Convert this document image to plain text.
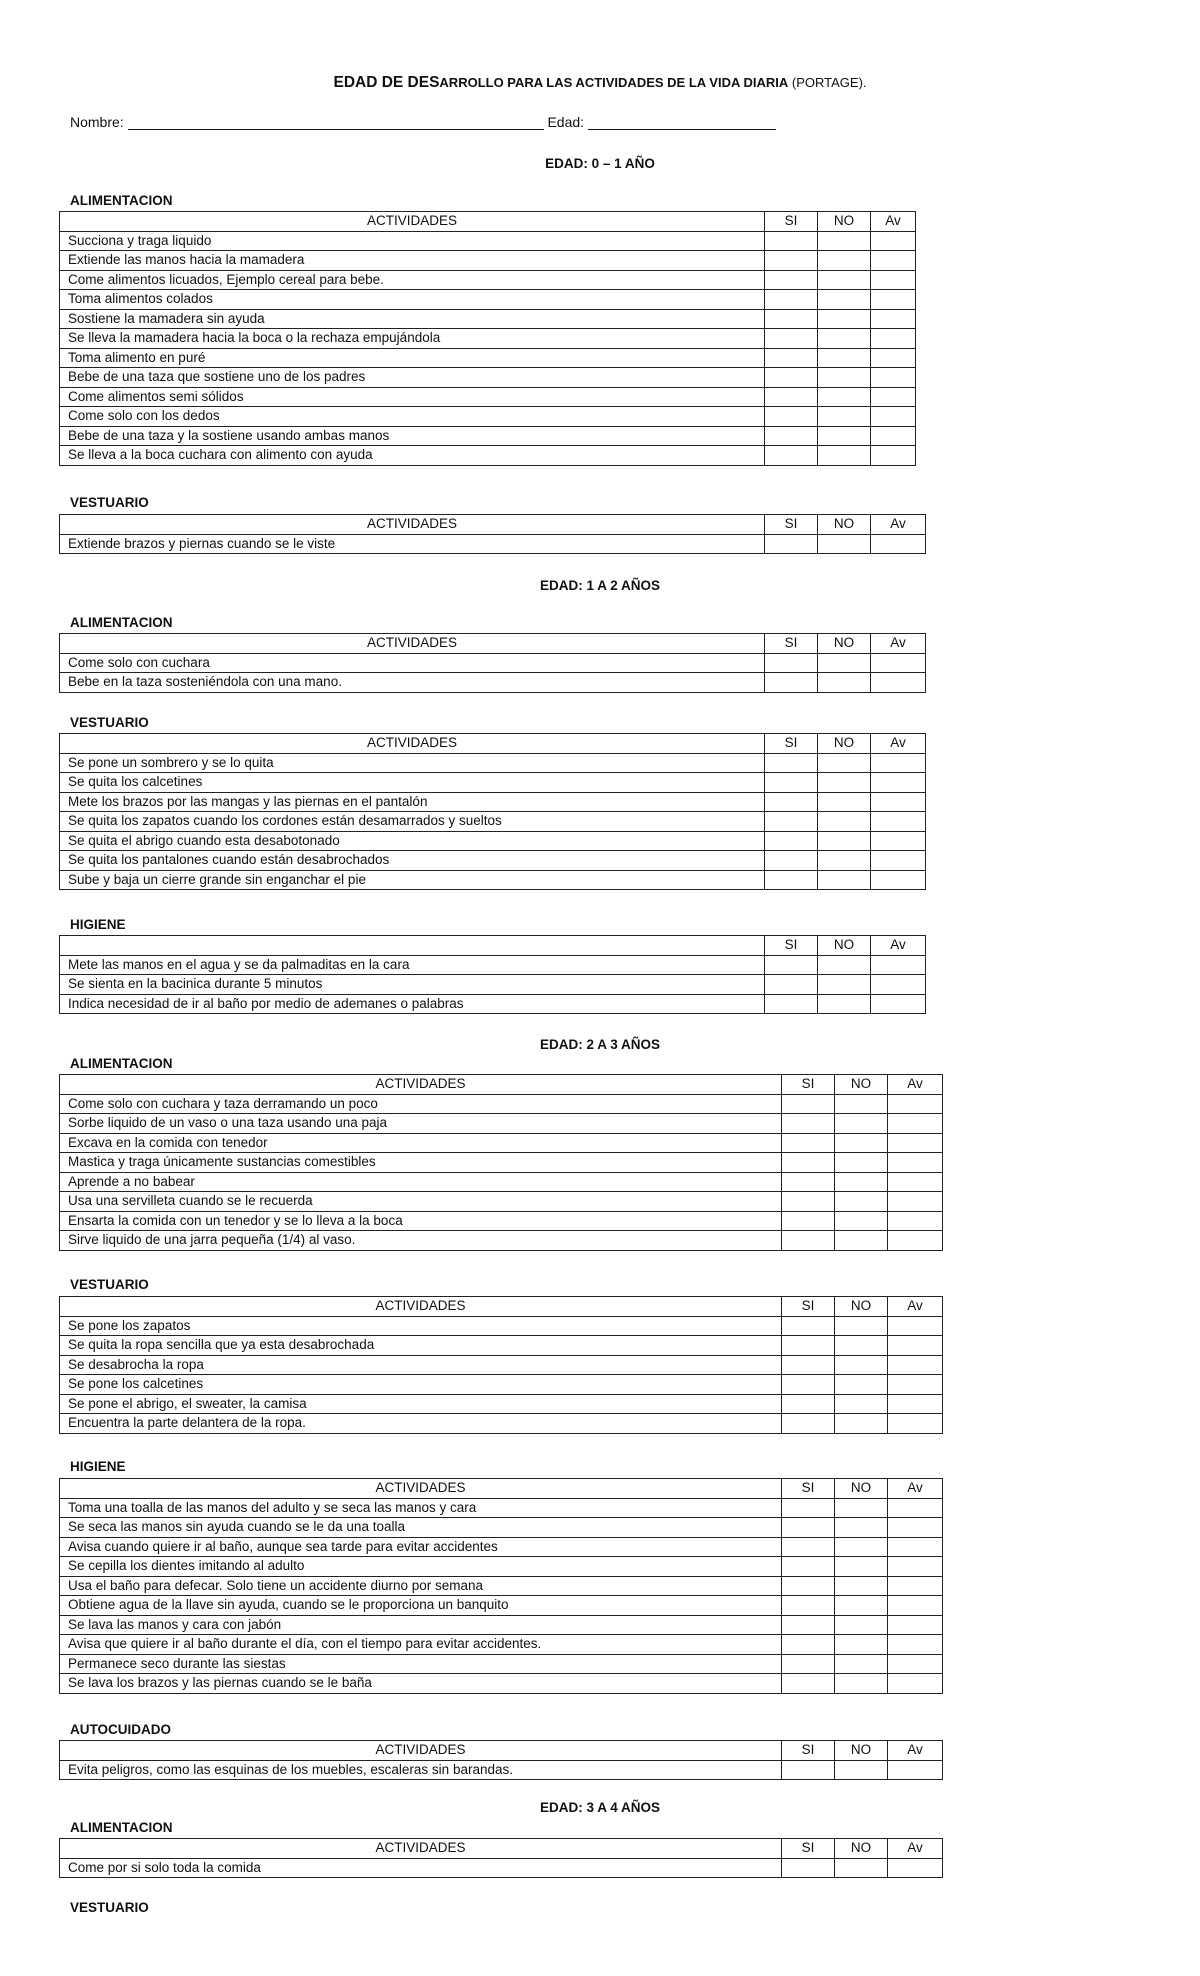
EDAD DE DESARROLLO PARA LAS ACTIVIDADES DE LA VIDA DIARIA (PORTAGE).
Nombre:	Edad:
EDAD: 0 – 1 AÑO
ALIMENTACION
ACTIVIDADES	SI	NO	Av
Succiona y traga liquido			
Extiende las manos hacia la mamadera			
Come alimentos licuados, Ejemplo cereal para bebe.			
Toma alimentos colados			
Sostiene la mamadera sin ayuda			
Se lleva la mamadera hacia la boca o la rechaza empujándola			
Toma alimento en puré			
Bebe de una taza que sostiene uno de los padres			
Come alimentos semi sólidos			
Come solo con los dedos			
Bebe de una taza y la sostiene usando ambas manos			
Se lleva a la boca cuchara con alimento con ayuda			
VESTUARIO
ACTIVIDADES	SI	NO	Av
Extiende brazos y piernas cuando se le viste			
EDAD: 1 A 2 AÑOS
ALIMENTACION
ACTIVIDADES	SI	NO	Av
Come solo con cuchara			
Bebe en la taza sosteniéndola con una mano.			
VESTUARIO
ACTIVIDADES	SI	NO	Av
Se pone un sombrero y se lo quita			
Se quita los calcetines			
Mete los brazos por las mangas y las piernas en el pantalón			
Se quita los zapatos cuando los cordones están desamarrados y sueltos			
Se quita el abrigo cuando esta desabotonado			
Se quita los pantalones cuando están desabrochados			
Sube y baja un cierre grande sin enganchar el pie			
HIGIENE
	SI	NO	Av
Mete las manos en el agua y se da palmaditas en la cara			
Se sienta en la bacinica durante 5 minutos			
Indica necesidad de ir al baño por medio de ademanes o palabras			
EDAD: 2 A 3 AÑOS
ALIMENTACION
ACTIVIDADES	SI	NO	Av
Come solo con cuchara y taza derramando un poco			
Sorbe liquido de un vaso o una taza usando una paja			
Excava en la comida con tenedor			
Mastica y traga únicamente sustancias comestibles			
Aprende a no babear			
Usa una servilleta cuando se le recuerda			
Ensarta la comida con un tenedor y se lo lleva a la boca			
Sirve liquido de una jarra pequeña (1/4) al vaso.			
VESTUARIO
ACTIVIDADES	SI	NO	Av
Se pone los zapatos			
Se quita la ropa sencilla que ya esta desabrochada			
Se desabrocha la ropa			
Se pone los calcetines			
Se pone el abrigo, el sweater, la camisa			
Encuentra la parte delantera de la ropa.			
HIGIENE
ACTIVIDADES	SI	NO	Av
Toma una toalla de las manos del adulto y se seca las manos y cara			
Se seca las manos sin ayuda cuando se le da una toalla			
Avisa cuando quiere ir al baño, aunque sea tarde para evitar accidentes			
Se cepilla los dientes imitando al adulto			
Usa el baño para defecar. Solo tiene un accidente diurno por semana			
Obtiene agua de la llave sin ayuda, cuando se le proporciona un banquito			
Se lava las manos y cara con jabón			
Avisa que quiere ir al baño durante el día, con el tiempo para evitar accidentes.			
Permanece seco durante las siestas			
Se lava los brazos y las piernas cuando se le baña			
AUTOCUIDADO
ACTIVIDADES	SI	NO	Av
Evita peligros, como las esquinas de los muebles, escaleras sin barandas.			
EDAD: 3 A 4 AÑOS
ALIMENTACION
ACTIVIDADES	SI	NO	Av
Come por si solo toda la comida			
VESTUARIO
